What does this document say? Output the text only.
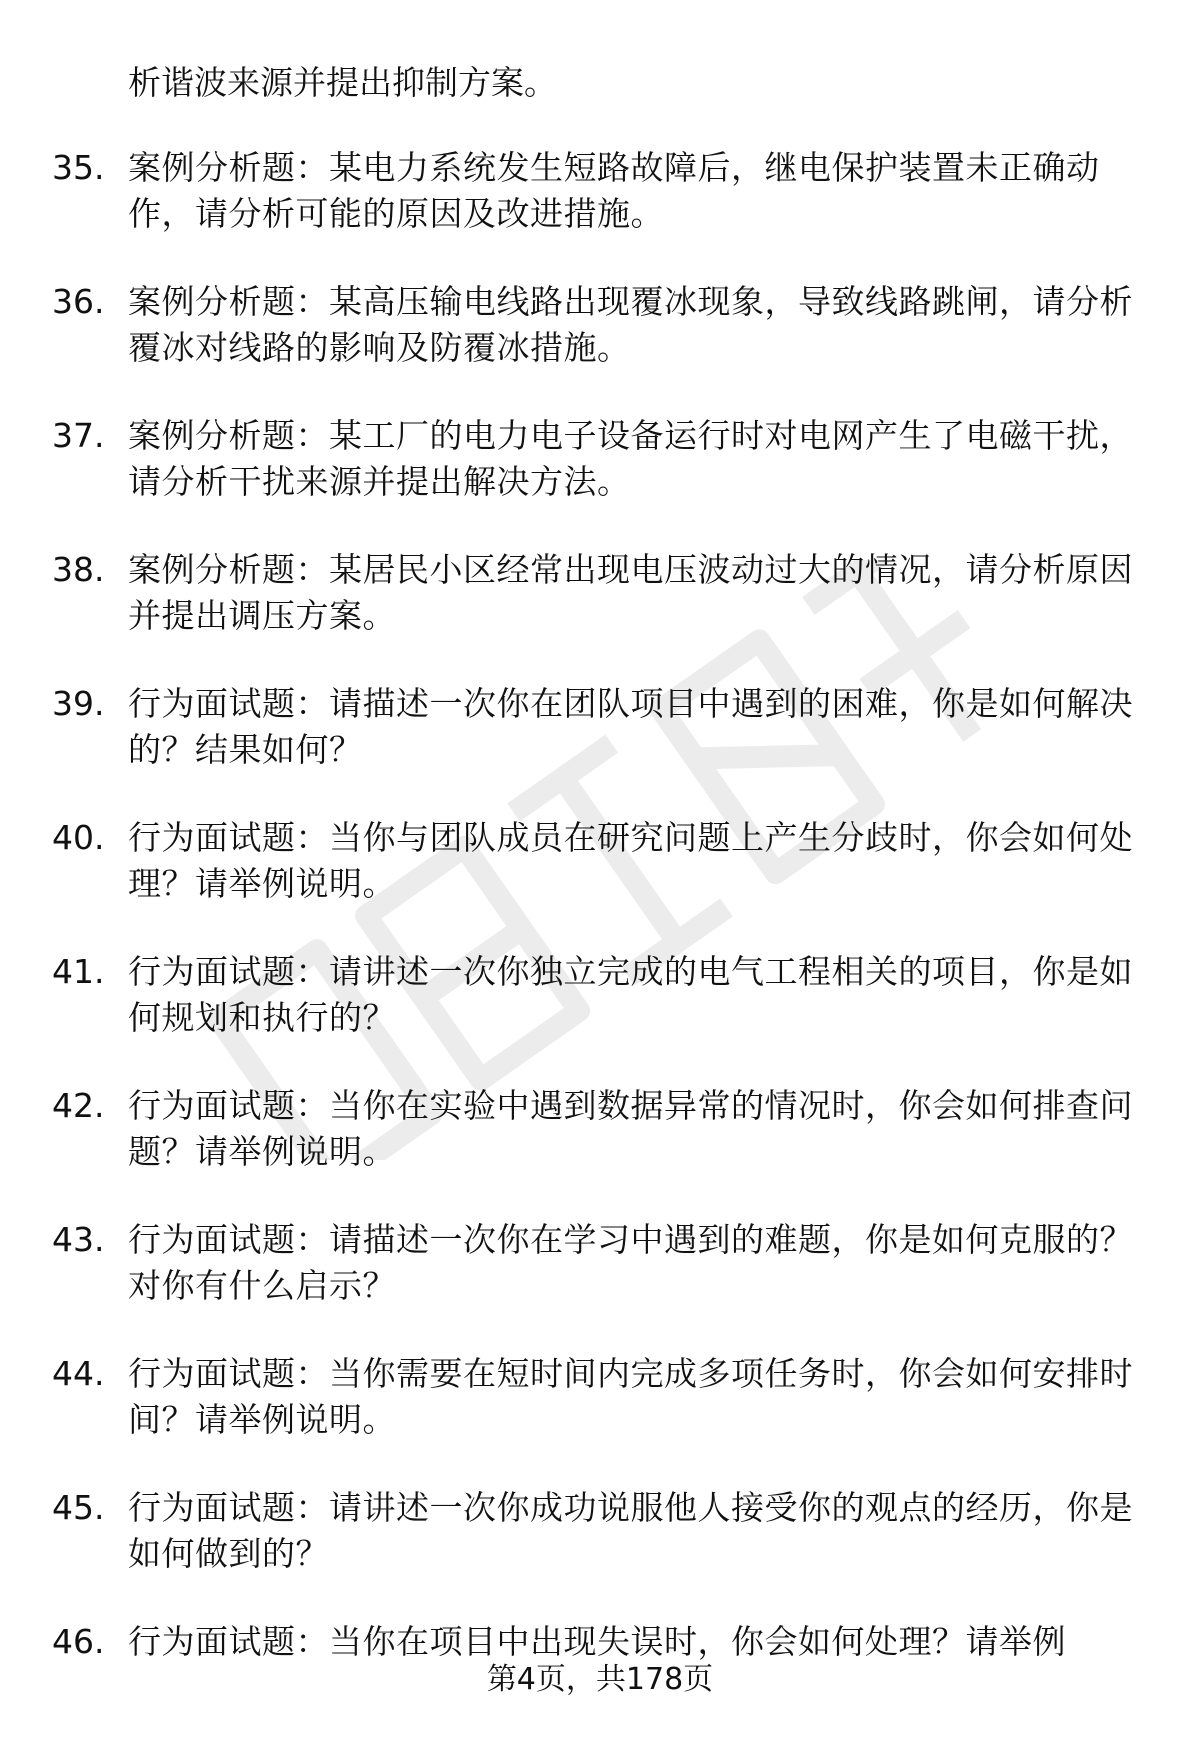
析谐波来源并提出抑制方案。

35. 案例分析题：某电力系统发生短路故障后，继电保护装置未正确动作，请分析可能的原因及改进措施。
36. 案例分析题：某高压输电线路出现覆冰现象，导致线路跳闸，请分析覆冰对线路的影响及防覆冰措施。
37. 案例分析题：某工厂的电力电子设备运行时对电网产生了电磁干扰，请分析干扰来源并提出解决方法。
38. 案例分析题：某居民小区经常出现电压波动过大的情况，请分析原因并提出调压方案。
39. 行为面试题：请描述一次你在团队项目中遇到的困难，你是如何解决的？结果如何？
40. 行为面试题：当你与团队成员在研究问题上产生分歧时，你会如何处理？请举例说明。
41. 行为面试题：请讲述一次你独立完成的电气工程相关的项目，你是如何规划和执行的？
42. 行为面试题：当你在实验中遇到数据异常的情况时，你会如何排查问题？请举例说明。
43. 行为面试题：请描述一次你在学习中遇到的难题，你是如何克服的？对你有什么启示？
44. 行为面试题：当你需要在短时间内完成多项任务时，你会如何安排时间？请举例说明。
45. 行为面试题：请讲述一次你成功说服他人接受你的观点的经历，你是如何做到的？
46. 行为面试题：当你在项目中出现失误时，你会如何处理？请举例
第4页，共178页
